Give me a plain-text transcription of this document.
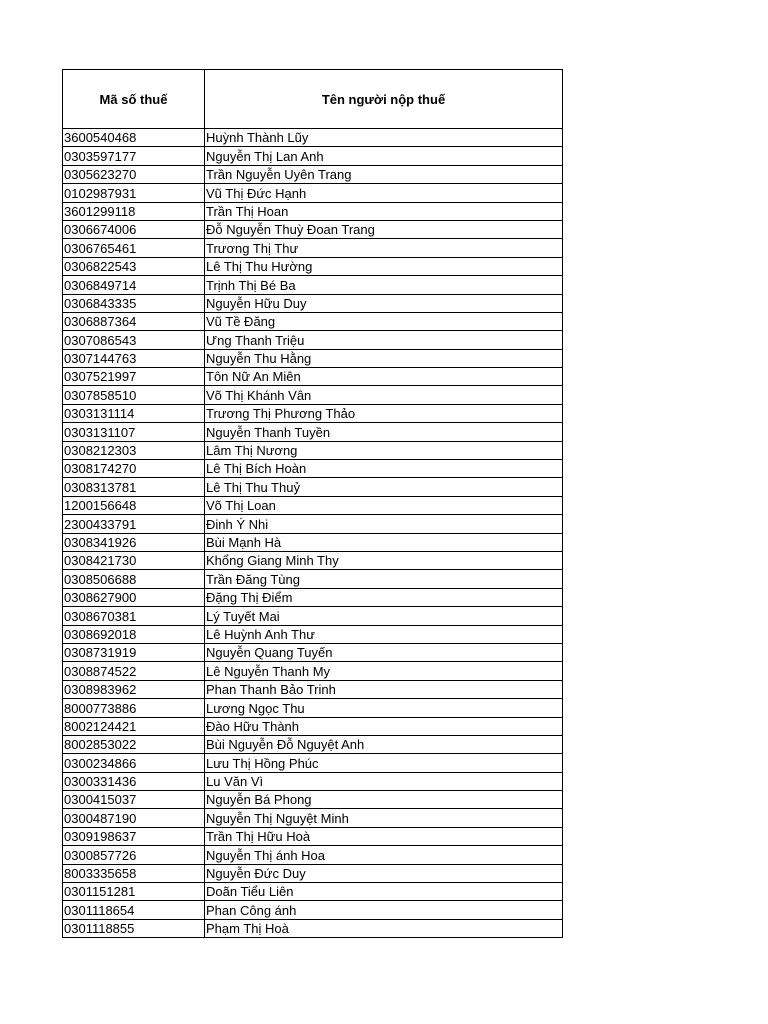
Mã số thuế	Tên người nộp thuế
3600540468	Huỳnh Thành Lũy
0303597177	Nguyễn Thị Lan Anh
0305623270	Trần Nguyễn Uyên Trang
0102987931	Vũ Thị Đức Hạnh
3601299118	Trần Thị Hoan
0306674006	Đỗ Nguyễn Thuỳ Đoan Trang
0306765461	Trương Thị Thư
0306822543	Lê Thị Thu Hường
0306849714	Trịnh Thị Bé Ba
0306843335	Nguyễn Hữu Duy
0306887364	Vũ Tề Đăng
0307086543	Ưng Thanh Triệu
0307144763	Nguyễn Thu Hằng
0307521997	Tôn Nữ An Miên
0307858510	Võ Thị Khánh Vân
0303131114	Trương Thị Phương Thảo
0303131107	Nguyễn Thanh Tuyền
0308212303	Lâm Thị Nương
0308174270	Lê Thị Bích Hoàn
0308313781	Lê Thị Thu Thuỷ
1200156648	Võ Thị Loan
2300433791	Đinh Ý Nhi
0308341926	Bùi Mạnh Hà
0308421730	Khổng Giang Minh Thy
0308506688	Trần Đăng Tùng
0308627900	Đặng Thị Điểm
0308670381	Lý Tuyết Mai
0308692018	Lê Huỳnh Anh Thư
0308731919	Nguyễn Quang Tuyến
0308874522	Lê Nguyễn Thanh My
0308983962	Phan Thanh Bảo Trinh
8000773886	Lương Ngọc Thu
8002124421	Đào Hữu Thành
8002853022	Bùi Nguyễn Đỗ Nguyệt Anh
0300234866	Lưu Thị Hồng Phúc
0300331436	Lu Văn Vì
0300415037	Nguyễn Bá Phong
0300487190	Nguyễn Thị Nguyệt Minh
0309198637	Trần Thị Hữu Hoà
0300857726	Nguyễn Thị ánh Hoa
8003335658	Nguyễn Đức Duy
0301151281	Doãn Tiểu Liên
0301118654	Phan Công ánh
0301118855	Phạm Thị Hoà
